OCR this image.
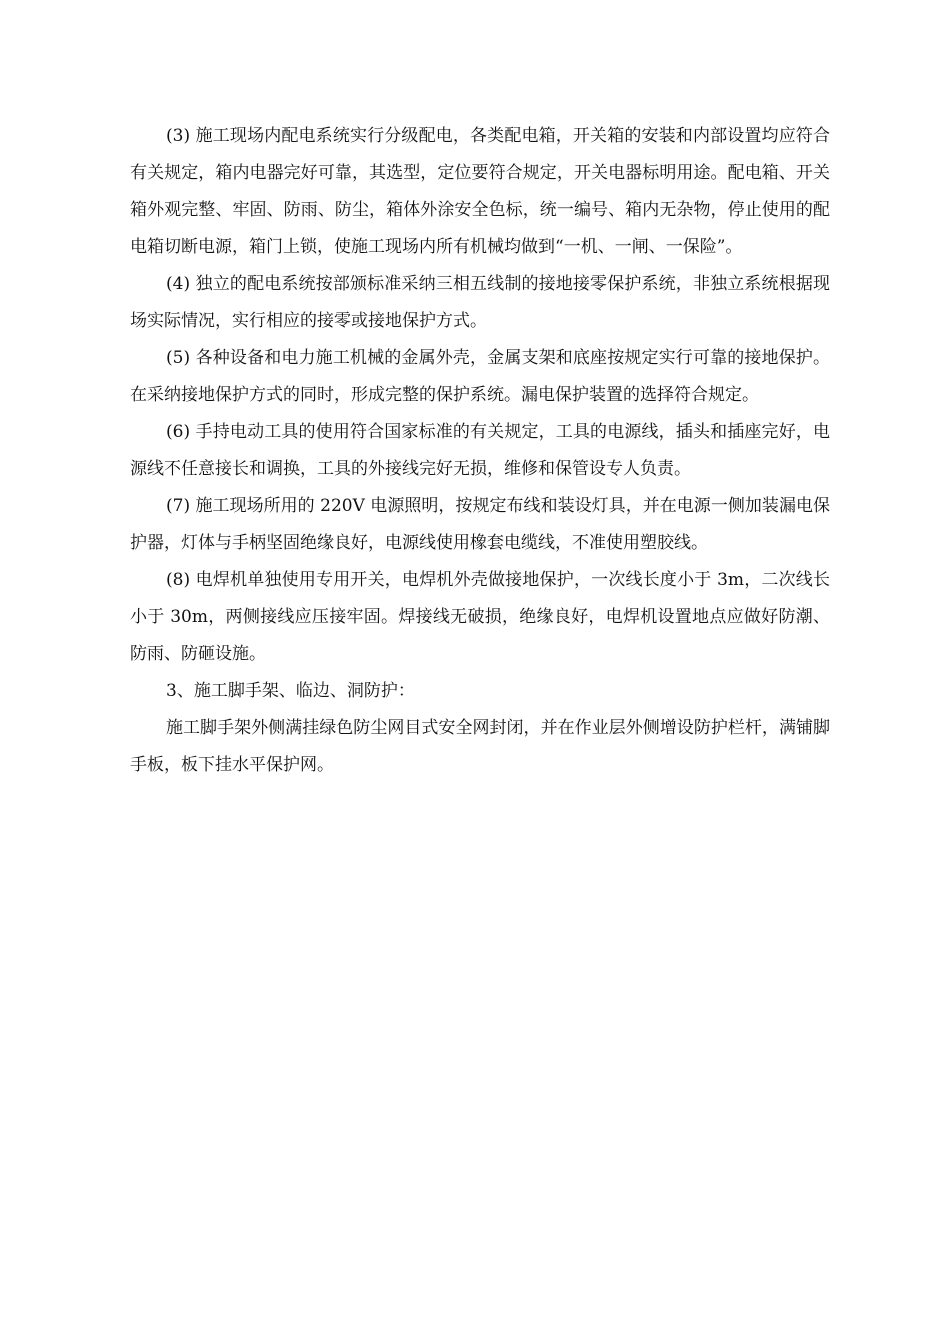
(3) 施工现场内配电系统实行分级配电，各类配电箱，开关箱的安装和内部设置均应符合有关规定，箱内电器完好可靠，其选型，定位要符合规定，开关电器标明用途。配电箱、开关箱外观完整、牢固、防雨、防尘，箱体外涂安全色标，统一编号、箱内无杂物，停止使用的配电箱切断电源，箱门上锁，使施工现场内所有机械均做到“一机、一闸、一保险”。

(4) 独立的配电系统按部颁标准采纳三相五线制的接地接零保护系统，非独立系统根据现场实际情况，实行相应的接零或接地保护方式。

(5) 各种设备和电力施工机械的金属外壳，金属支架和底座按规定实行可靠的接地保护。在采纳接地保护方式的同时，形成完整的保护系统。漏电保护装置的选择符合规定。

(6) 手持电动工具的使用符合国家标准的有关规定，工具的电源线，插头和插座完好，电源线不任意接长和调换，工具的外接线完好无损，维修和保管设专人负责。

(7) 施工现场所用的 220V 电源照明，按规定布线和装设灯具，并在电源一侧加装漏电保护器，灯体与手柄坚固绝缘良好，电源线使用橡套电缆线，不准使用塑胶线。

(8) 电焊机单独使用专用开关，电焊机外壳做接地保护，一次线长度小于 3m，二次线长小于 30m，两侧接线应压接牢固。焊接线无破损，绝缘良好，电焊机设置地点应做好防潮、防雨、防砸设施。

3、施工脚手架、临边、洞防护：

施工脚手架外侧满挂绿色防尘网目式安全网封闭，并在作业层外侧增设防护栏杆，满铺脚手板，板下挂水平保护网。
